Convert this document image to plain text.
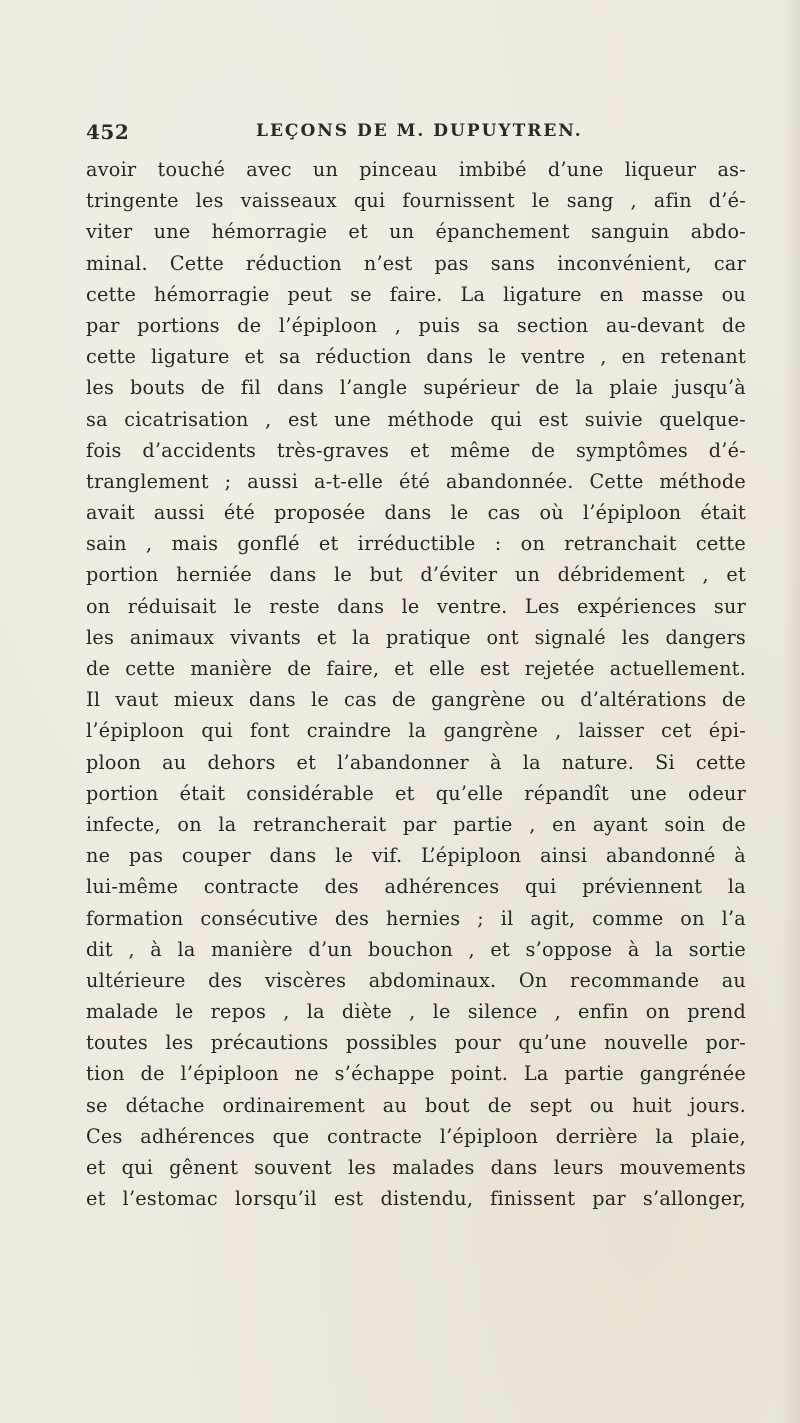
452	LEÇONS DE M. DUPUYTREN.
avoir touché avec un pinceau imbibé d’une liqueur as-
tringente les vaisseaux qui fournissent le sang , afin d’é-
viter une hémorragie et un épanchement sanguin abdo-
minal. Cette réduction n’est pas sans inconvénient, car
cette hémorragie peut se faire. La ligature en masse ou
par portions de l’épiploon , puis sa section au-devant de
cette ligature et sa réduction dans le ventre , en retenant
les bouts de fil dans l’angle supérieur de la plaie jusqu’à
sa cicatrisation , est une méthode qui est suivie quelque-
fois d’accidents très-graves et même de symptômes d’é-
tranglement ; aussi a-t-elle été abandonnée. Cette méthode
avait aussi été proposée dans le cas où l’épiploon était
sain , mais gonflé et irréductible : on retranchait cette
portion herniée dans le but d’éviter un débridement , et
on réduisait le reste dans le ventre. Les expériences sur
les animaux vivants et la pratique ont signalé les dangers
de cette manière de faire, et elle est rejetée actuellement.
Il vaut mieux dans le cas de gangrène ou d’altérations de
l’épiploon qui font craindre la gangrène , laisser cet épi-
ploon au dehors et l’abandonner à la nature. Si cette
portion était considérable et qu’elle répandît une odeur
infecte, on la retrancherait par partie , en ayant soin de
ne pas couper dans le vif. L’épiploon ainsi abandonné à
lui-même contracte des adhérences qui préviennent la
formation consécutive des hernies ; il agit, comme on l’a
dit , à la manière d’un bouchon , et s’oppose à la sortie
ultérieure des viscères abdominaux. On recommande au
malade le repos , la diète , le silence , enfin on prend
toutes les précautions possibles pour qu’une nouvelle por-
tion de l’épiploon ne s’échappe point. La partie gangrénée
se détache ordinairement au bout de sept ou huit jours.
Ces adhérences que contracte l’épiploon derrière la plaie,
et qui gênent souvent les malades dans leurs mouvements
et l’estomac lorsqu’il est distendu, finissent par s’allonger,
